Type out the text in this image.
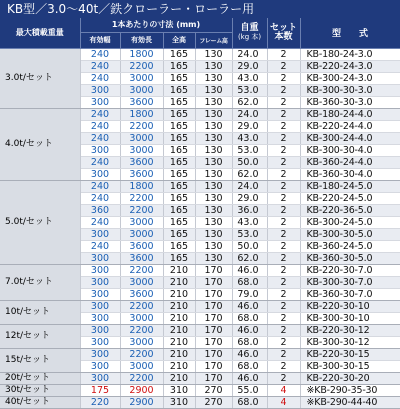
KB型／3.0～40t／鉄クローラー・ローラー用
最大積載重量	1本あたりの寸法 (mm)				自重
(kg 本)	セット
本数	型　　式
	有効幅	有効長	全高	フレーム高			
3.0t/セット	240	1800	165	130	24.0	2	KB-180-24-3.0
	240	2200	165	130	29.0	2	KB-220-24-3.0
	240	3000	165	130	43.0	2	KB-300-24-3.0
	300	3000	165	130	53.0	2	KB-300-30-3.0
	300	3600	165	130	62.0	2	KB-360-30-3.0
4.0t/セット	240	1800	165	130	24.0	2	KB-180-24-4.0
	240	2200	165	130	29.0	2	KB-220-24-4.0
	240	3000	165	130	43.0	2	KB-300-24-4.0
	300	3000	165	130	53.0	2	KB-300-30-4.0
	240	3600	165	130	50.0	2	KB-360-24-4.0
	300	3600	165	130	62.0	2	KB-360-30-4.0
5.0t/セット	240	1800	165	130	24.0	2	KB-180-24-5.0
	240	2200	165	130	29.0	2	KB-220-24-5.0
	360	2200	165	130	36.0	2	KB-220-36-5.0
	240	3000	165	130	43.0	2	KB-300-24-5.0
	300	3000	165	130	53.0	2	KB-300-30-5.0
	240	3600	165	130	50.0	2	KB-360-24-5.0
	300	3600	165	130	62.0	2	KB-360-30-5.0
7.0t/セット	300	2200	210	170	46.0	2	KB-220-30-7.0
	300	3000	210	170	68.0	2	KB-300-30-7.0
	300	3600	210	170	79.0	2	KB-360-30-7.0
10t/セット	300	2200	210	170	46.0	2	KB-220-30-10
	300	3000	210	170	68.0	2	KB-300-30-10
12t/セット	300	2200	210	170	46.0	2	KB-220-30-12
	300	3000	210	170	68.0	2	KB-300-30-12
15t/セット	300	2200	210	170	46.0	2	KB-220-30-15
	300	3000	210	170	68.0	2	KB-300-30-15
20t/セット	300	2200	210	170	46.0	2	KB-220-30-20
30t/セット	175	2900	310	270	55.0	4	※KB-290-35-30
40t/セット	220	2900	310	270	68.0	4	※KB-290-44-40
